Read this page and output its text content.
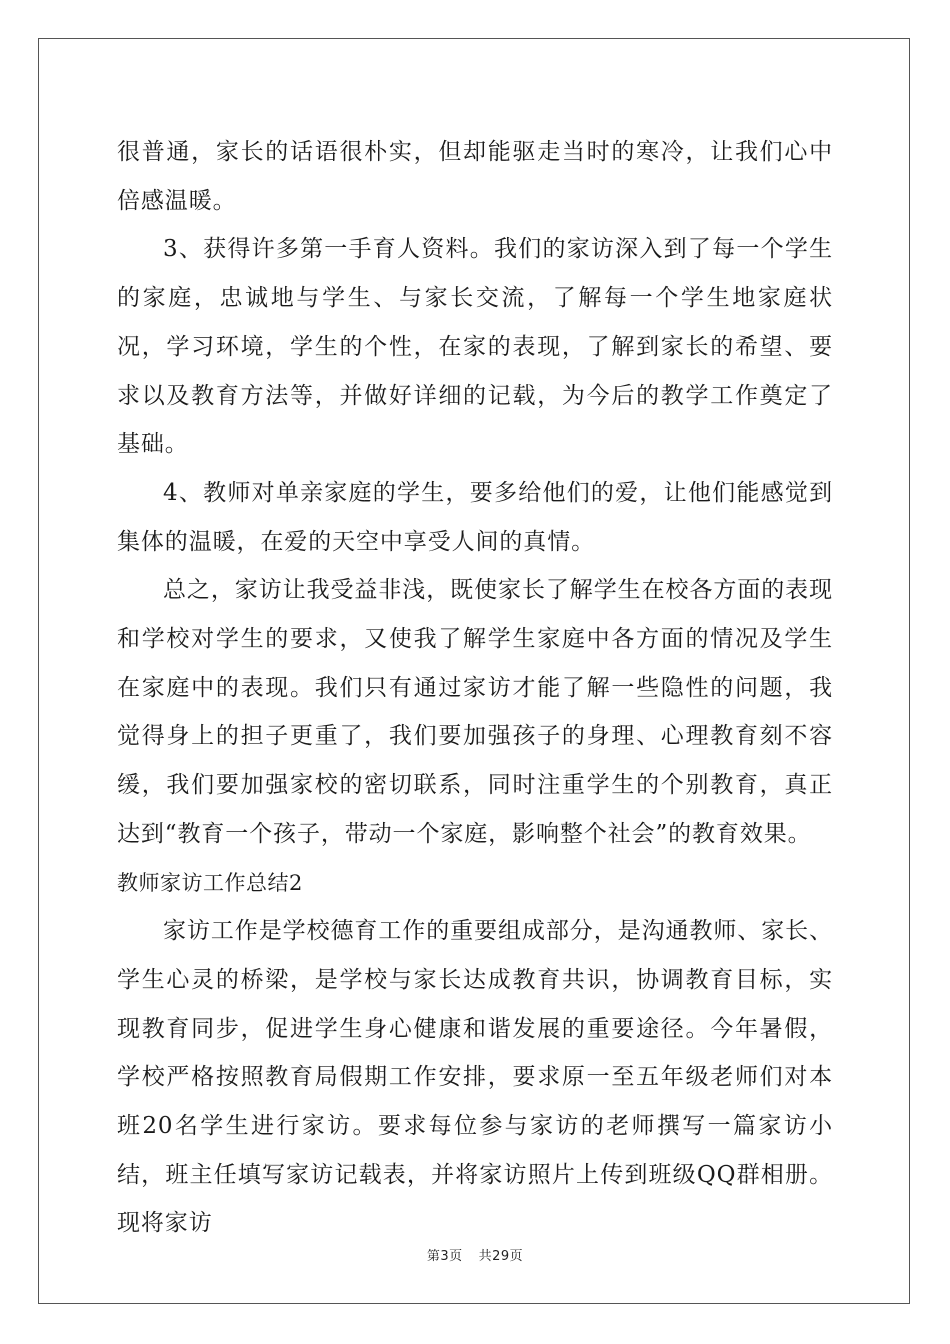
很普通，家长的话语很朴实，但却能驱走当时的寒冷，让我们心中倍感温暖。

3、获得许多第一手育人资料。我们的家访深入到了每一个学生的家庭，忠诚地与学生、与家长交流，了解每一个学生地家庭状况，学习环境，学生的个性，在家的表现，了解到家长的希望、要求以及教育方法等，并做好详细的记载，为今后的教学工作奠定了基础。

4、教师对单亲家庭的学生，要多给他们的爱，让他们能感觉到集体的温暖，在爱的天空中享受人间的真情。

总之，家访让我受益非浅，既使家长了解学生在校各方面的表现和学校对学生的要求，又使我了解学生家庭中各方面的情况及学生在家庭中的表现。我们只有通过家访才能了解一些隐性的问题，我觉得身上的担子更重了，我们要加强孩子的身理、心理教育刻不容缓，我们要加强家校的密切联系，同时注重学生的个别教育，真正达到“教育一个孩子，带动一个家庭，影响整个社会”的教育效果。

教师家访工作总结2

家访工作是学校德育工作的重要组成部分，是沟通教师、家长、学生心灵的桥梁，是学校与家长达成教育共识，协调教育目标，实现教育同步，促进学生身心健康和谐发展的重要途径。今年暑假，学校严格按照教育局假期工作安排，要求原一至五年级老师们对本班20名学生进行家访。要求每位参与家访的老师撰写一篇家访小结，班主任填写家访记载表，并将家访照片上传到班级QQ群相册。现将家访

第3页 共29页
